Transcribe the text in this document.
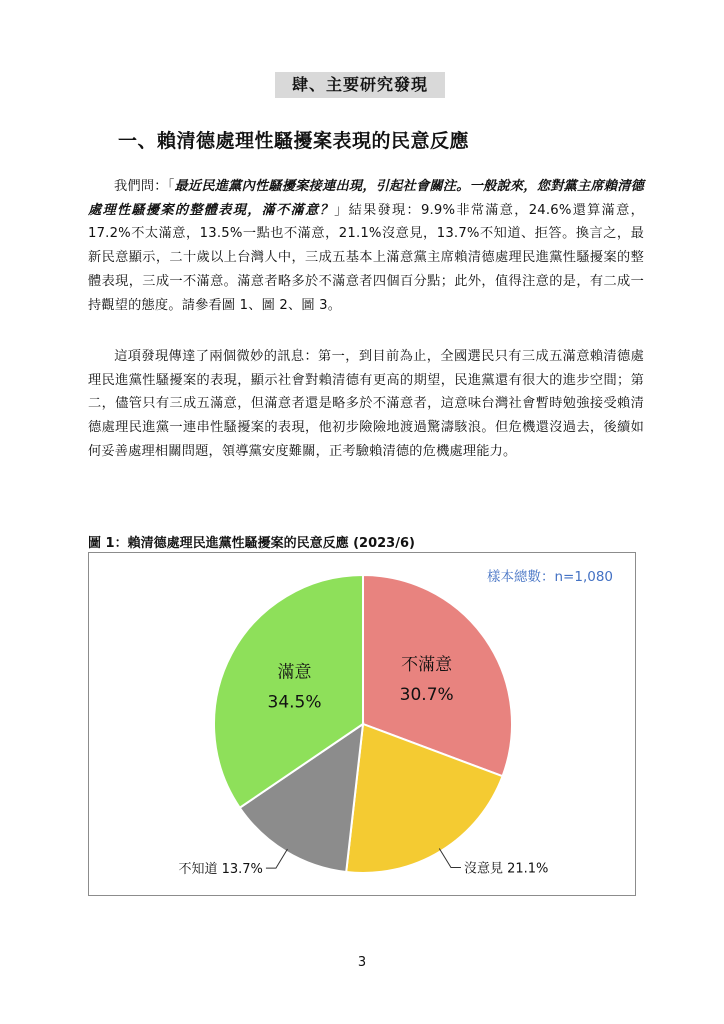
肆、主要研究發現
一、賴清德處理性騷擾案表現的民意反應

我們問：「最近民進黨內性騷擾案接連出現，引起社會關注。一般說來，您對黨主席賴清德處理性騷擾案的整體表現，滿不滿意？」結果發現：9.9%非常滿意，24.6%還算滿意，17.2%不太滿意，13.5%一點也不滿意，21.1%沒意見，13.7%不知道、拒答。換言之，最新民意顯示，二十歲以上台灣人中，三成五基本上滿意黨主席賴清德處理民進黨性騷擾案的整體表現，三成一不滿意。滿意者略多於不滿意者四個百分點；此外，值得注意的是，有二成一持觀望的態度。請參看圖 1、圖 2、圖 3。

這項發現傳達了兩個微妙的訊息：第一，到目前為止，全國選民只有三成五滿意賴清德處理民進黨性騷擾案的表現，顯示社會對賴清德有更高的期望，民進黨還有很大的進步空間；第二，儘管只有三成五滿意，但滿意者還是略多於不滿意者，這意味台灣社會暫時勉強接受賴清德處理民進黨一連串性騷擾案的表現，他初步險險地渡過驚濤駭浪。但危機還沒過去，後續如何妥善處理相關問題，領導黨安度難關，正考驗賴清德的危機處理能力。

圖 1：賴清德處理民進黨性騷擾案的民意反應 (2023/6)
樣本總數：n=1,080
不滿意
30.7%
沒意見 21.1%
不知道 13.7%
滿意
34.5%
3
